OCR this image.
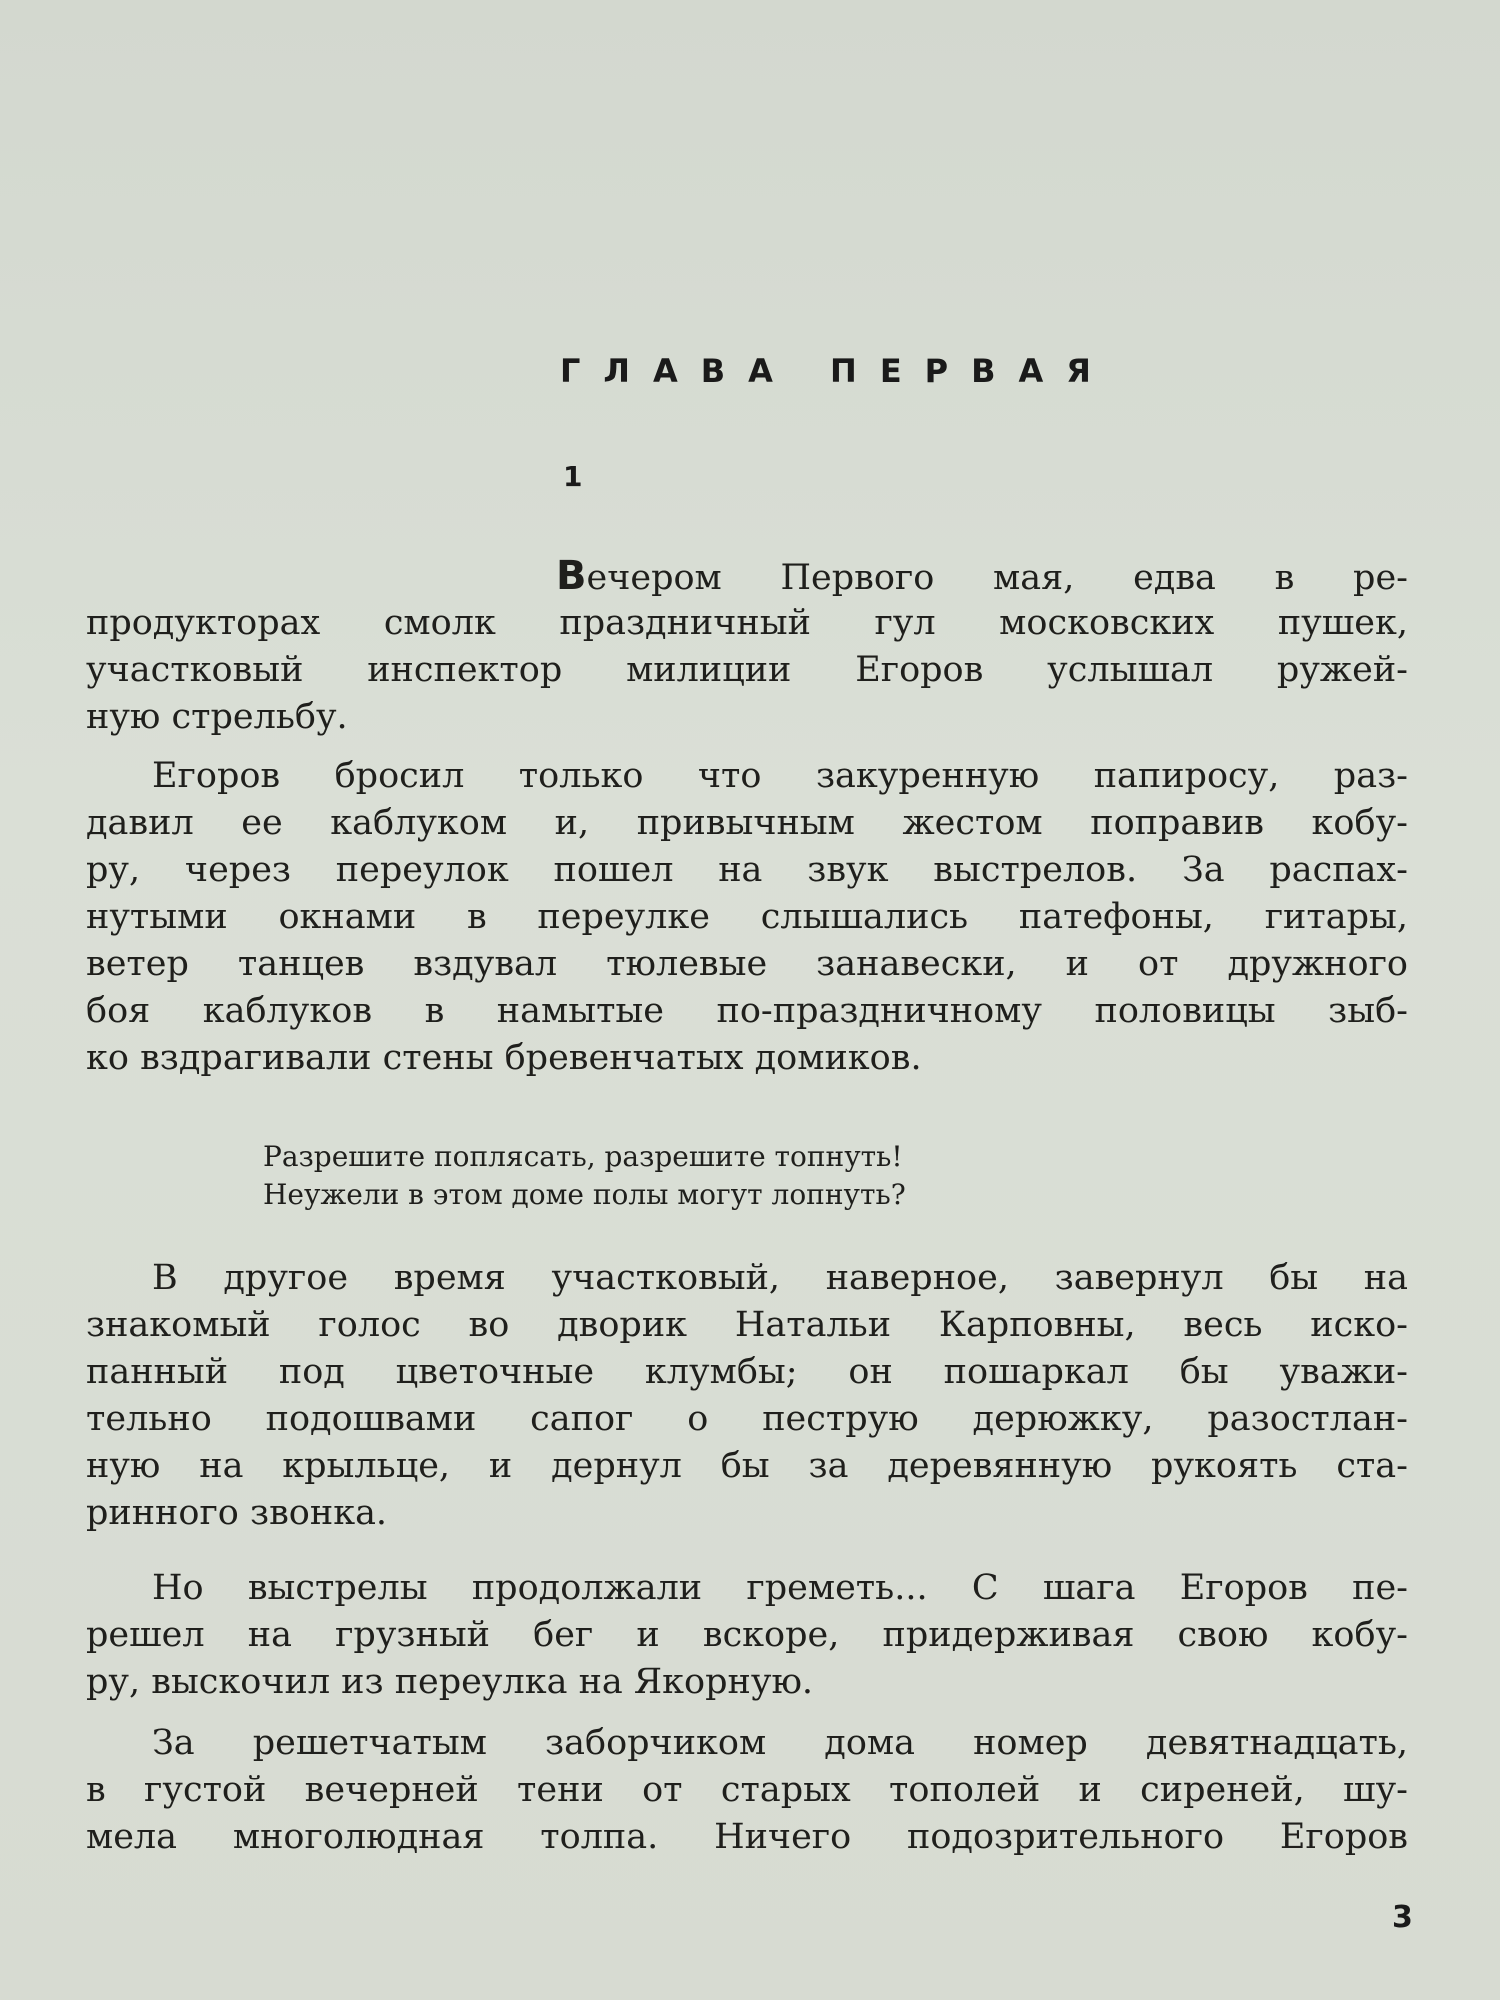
ГЛАВА ПЕРВАЯ
1
Вечером Первого мая, едва в ре-
продукторах смолк праздничный гул московских пушек,
участковый инспектор милиции Егоров услышал ружей-
ную стрельбу.
Егоров бросил только что закуренную папиросу, раз-
давил ее каблуком и, привычным жестом поправив кобу-
ру, через переулок пошел на звук выстрелов. За распах-
нутыми окнами в переулке слышались патефоны, гитары,
ветер танцев вздувал тюлевые занавески, и от дружного
боя каблуков в намытые по-праздничному половицы зыб-
ко вздрагивали стены бревенчатых домиков.
Разрешите поплясать, разрешите топнуть!
Неужели в этом доме полы могут лопнуть?
В другое время участковый, наверное, завернул бы на
знакомый голос во дворик Натальи Карповны, весь иско-
панный под цветочные клумбы; он пошаркал бы уважи-
тельно подошвами сапог о пеструю дерюжку, разостлан-
ную на крыльце, и дернул бы за деревянную рукоять ста-
ринного звонка.
Но выстрелы продолжали греметь... С шага Егоров пе-
решел на грузный бег и вскоре, придерживая свою кобу-
ру, выскочил из переулка на Якорную.
За решетчатым заборчиком дома номер девятнадцать,
в густой вечерней тени от старых тополей и сиреней, шу-
мела многолюдная толпа. Ничего подозрительного Егоров
3
